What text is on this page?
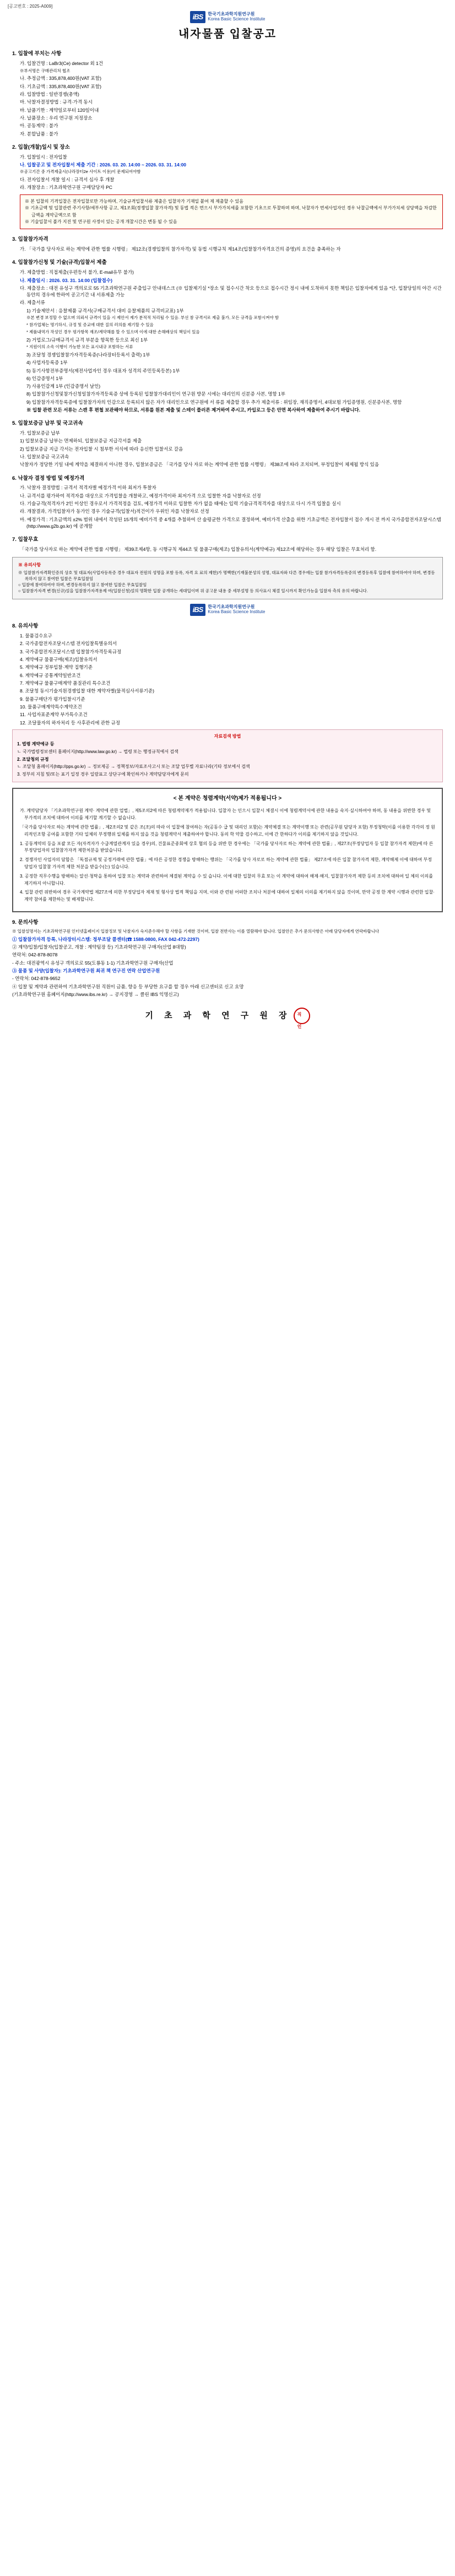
[공고번호 : 2025-A009]
iBS	한국기초과학지원연구원
Korea Basic Science Institute
내자물품 입찰공고
1. 입찰에 부치는 사항
가. 입찰건명 : LaBr3(Ce) detector 외 1건
※부서명은 구매관리처 협조
나. 추정금액 : 335,878,400원(VAT 포함)
다. 기초금액 : 335,878,400원(VAT 포함)
라. 입찰방법 : 일반경쟁(총액)
마. 낙찰자결정방법 : 규격·가격 동시
바. 납품기한 : 계약일로부터 120일이내
사. 납품장소 : 우리 연구원 지정장소
아. 공동계약 : 불가
자. 분할납품 : 불가
2. 입찰(개찰)일시 및 장소
가. 입찰일시 : 전자입찰
나. 입찰공고 및 전자입찰서 제출 기간 : 2026. 03. 20. 14:00 ~ 2026. 03. 31. 14:00
※공고기간 중 가격제출시(나라장터2e 사이트 이용)이 문제되어야함
다. 전자입찰서 개찰 일시 : 규격서 심사 후 개찰
라. 개찰장소 : 기초과학연구원 구매담당자 PC
※ 본 입찰의 기격입찰은 전자입찰로만 가능하며, 기술규격입찰서류 제출은 입찰자가 기재일 붙여 제 제출할 수 있음
※ 기초금액 및 입찰관련 주기사항/세부사항 공고, 제1조회(경쟁입찰 참가자격) 및 동법 적은 면으시 부가가치세를 포함한 기초으로 투찰하며 하며, 낙찰자가 면세사업자인 경우 낙찰금액에서 부가가치세 상당액을 차감한 금액을 계약금액으로 함
※ 기술입찰서 불가 지진 및 연구원 사정이 있는 공개 개찰시간은 변동 될 수 있음
3. 입찰참가자격
가. 「국가를 당사자로 하는 계약에 관한 법률 시행령」 제12조(경쟁입찰의 참가자격) 및 동법 시행규칙 제14조(입찰참가자격요건의 증명)의 요건을 충족하는 자
4. 입찰참가신청 및 기술(규격)입찰서 제출
가. 제출방법 : 직접제출(우편등서 불가, E-mail유무 불가)
나. 제출일시 : 2026. 03. 31. 14:00 (입찰접수)
다. 제출장소 : 대전 유성구 객의로로 55 기초과학연구원 주출입구 안내데스크 (※ 입찰제기실 *장소 및 접수시간 착오 등으로 접수시간 정시 내에 도착하지 못한 책임은 입찰자에게 있음 *단, 입찰당일의 야간 시간 동안의 경우에 한하여 공고기간 내 서류제출 가능
라. 제출서류
1) 기술제안서 : 응찰제품 규격서(구매규격서 대비 응찰제품의 규격비교표) 1부
※본 변경 보정할 수 없으며 의뢰서 규격이 있을 시 제안서 제가 분적적 처리될 수 있음. 부선 참 규격서로 제출 불가, 모든 규격을 포함시켜야 함
* 참가업체는 명기하시, 규정 및 증교에 대한 질의 러의를 제기할 수 있음
* 제품내역가 작성인 경우 평가항목 재조/계약해를 할 수 있으며 이에 대한 손해배상의 책임이 있음
2) 거업로그/규매규격서 규격 부분을 항목한 등으로 최신 1부
* 지원이의 소속 이행이 가능한 모든 표시내규 포함하는 서류
3) 조달청 경쟁입찰참가자격등록증(나라장터등록서 출력) 1부
4) 사업자등록증 1부
5) 동기사항전부증명서(제전사업자인 경우 대표자 성격의 주민등록등본) 1부
6) 인감증명서 1부
7) 사용인감계 1부 (인감증명서 날인)
8) 입찰참가신청및참가신청일참가자격등록증 상에 등록된 입찰참가대리인이 연구원 방문 시에는 대리인의 신분증 사본, 명함 1부
9) 입찰참가자격등록증에 입찰참가자의 인감으로 등록되지 않은 자가 대리인으로 연구원에 서 류를 제출할 경우 추가 제출서류 : 위임장, 재직증명서, 4대보험 가입증명원, 신분증사본, 명함
※ 입찰 관련 모든 서류는 스캔 후 편철 보관해야 하므로, 서류를 원본 제출 및 스테이 플러른 제거하여 주시고, 카입로그 등은 안면 복사하여 제출하여 주시기 바랍니다.
5. 입찰보증금 납부 및 국고귀속
가. 입찰보증금 납부
1) 입찰보증금 납부는 면제하되, 입찰보증금 지급각서를 제출
2) 입찰보증금 지급 각서는 전자입찰 시 첨부한 서식에 따라 응신한 입찰서로 갈음
나. 입찰보증금 국고귀속
낙찰자가 정당한 기일 내에 계약을 체결하지 아니한 경우, 입찰보증금은 「국가를 당사 자로 하는 계약에 관한 법률 시행령」 제38조에 따라 조치되며, 부정입찰이 체제될 방식 있음
6. 낙찰자 결정 방법 및 예정가격
가. 낙찰자 결정방법 : 규격서 적격자별 예정가격 이하 최저가 투찰자
나. 규격서를 평가하여 적격자를 대상으로 가격입찰을 개찰하고, 예정가격이하 최저가격 으로 입찰한 자를 낙찰자로 선정
다. 기술규격(적격자가 2인 이상인 경우로서 가격적정을 검토, 예정가격 이하로 입찰한 자가 없을 때에는 입력 기술규격적격자를 대상으로 다시 가격 입찰을 실시
라. 개찰결과, 가격입찰자가 동가인 경우 기술규격(입찰서)적건이가 우위인 자를 낙찰자로 선정
마. 예정가격 : 기초금액의 ±2% 범위 내에서 작성된 15개의 예비가격 중 4개를 추첨하여 산 술평균한 가격으로 결정하며, 예비가격 산출을 위한 기초금액은 전자입찰서 접수 개시 전 까지 국가종합전자조달시스템(http://www.g2b.go.kr) 에 공개함
7. 입찰무효
「국가를 당사자로 하는 계약에 관한 법률 시행령」 제39조제4항, 동 시행규칙 제44조 및 물품구매(제조) 입찰유의서(계약예규) 제12조에 해당하는 경우 해당 입찰은 무효처리 함.
※ 유의사항
※ 입찰참가자격확인증의 상호 및 대표자(사업자등록증 경우 대표자 전원의 성명을 포함 등록, 자격 요 료의 제한)가 명백한(기재불분성의 성명, 대표자와 다른 경우에는 입찰 참가자격등록증의 변경등록후 입찰에 참여하여야 하며, 변경등록하지 않고 참여한 입찰은 무효입찰임
○ 입찰에 참여하여야 하며, 변경등록하지 않고 참여한 입찰은 무효입찰임
○ 입찰참가자격 변경(신규)설을 입찰참가자격용제 여(입찰신청)설의 명확한 입찰 공개하는 세대입이며 위 공고문 내용 중 세부설명 등 의사표시 체결 일시까지 확인가능을 입찰자 측의 유의 바랍니다.
iBS	한국기초과학지원연구원
Korea Basic Science Institute
8. 유의사항
1. 물품검수요구
2. 국가종합전자조달시스템 전자입찰특별유의서
3. 국가종합전자조달시스템 입찰참가자격등록규정
4. 계약예규 물품구매(제조)입찰유의서
5. 계약예규 정부입찰·계약 집행기준
6. 계약예규 공통계약일반조건
7. 계약예규 물품구매계약 품질관리 특수조건
8. 조달청 동시기술지원경쟁입찰 대한 계약자별(물적심사서류기준)
9. 물품구매단가 평가입찰시기준
10. 물품구매계약특수계약조건
11. 사업자표준계약 부가특수조건
12. 조달물자의 하자처리 등 사후관리에 관한 규정
자료검색 방법
1. 법령 계약예규 등
ㄴ 국가법령정보센터 홈페이지(http://www.law.go.kr) → 법령 또는 행정규칙에서 검색
2. 조달청의 규정
ㄴ 조달청 홈페이지(http://pps.go.kr) → 정보제공 → 정책정보/자료조사고시 또는 조달 업무별 자료나라(기타 정보에서 검색
3. 정부의 지침 및/또는 표기 일정 경우 일람표고 상단구에 확인하거나 계약담당자에게 문의
< 본 계약은 청렴계약(서약)제가 적용됩니다 >

가. 계약담당자 「기초과학연구원 계약· 계약에 관한 업법」, 제5조의2에 따른 청렴계약제가 적용됩니다. 입찰자 는 인으시 입찰시 체결시 이에 청렴계약서에 관한 내용을 숙지·실시하여야 하며, 동 내용을 위반한 경우 및 부가적의 조치에 대하여 이의를 제기할 계기할 수 없습니다.

「국가를 당사자로 하는 계약에 관한 법률」, 제2조의2 및 같은 조(조)의 따라 이 입찰에 참여하는 자(공동수 급 및 대리인 포함)는 계약체결 또는 계약이행 또는 관련(공무원 담당자 포함) 부정청탁(이를 이용한 각각의 정 원리적인조항 공여를 포함한 기타 일체의 부정행위 일체를 하지 않을 것을 청렴계약서 제출하여야 합니다. 동의 학 약물 검수하고, 이에 간 한하다가 이의를 제기하지 않을 것입니다.

1. 공동계약의 등을 포괄 모든 자(자격자가 수급계열관계자 있을 경우)의, 건물표준종회에 상호 협의 등을 위반 한 경우에는 「국가를 당사자로 하는 계약에 관한 법률」, 제27조(부정당업자 등 입찰 참가자격 제한)에 따 른 부정당업자의 입찰참가자격 제한처분을 받았습니다.

2. 경쟁자인 사업자의 담합은 「독점규제 및 공정거래에 관한 법률」에 따른 공정한 경쟁을 방해하는 행위는 「국가를 당사 자로로 하는 계약에 관한 법률」 제27조에 따른 입찰 참가자격 제한, 계약해제 이에 대하여 부정당업자 입찰참 가자격 제한 처분을 받을수(는) 있습니다.

3. 공정한 직무수행을 방해하는 알선·청탁을 통하여 입찰 또는 계약과 관련하여 체결된 계약을 수 있 습니다. 이에 대한 입찰의 무효 또는 이 계약에 대하여 해제·해지, 입찰참가자격 제한 등의 조치에 대하여 일 체의 이의를 제기하지 아니합니다.

4. 입찰 관련 위반하여 경우 국가계약법 제27조에 의한 부정당업자 제재 및 형사상 법적 책임을 지며, 이와 관 련된 어떠한 조치나 처분에 대하여 일체의 이의를 제기하지 않을 것이며, 만약 공정 한 계약 시행과 관련한 입찰·계약 참여를 제한하는 및 배제합니다.

9. 문의사항
※ 입찰설명서는 기초과학연구원 인터넷홈페이지 입찰정보 및 낙찰자가 숙지준수해야 할 사항을 기재한 것이며, 입찰 전반사는 이를 열람해야 합니다. 입찰안은 추가 문의사항은 아래 담당자에게 연락바랍니다
① 입찰참가자격 등록, 나라장터시스템: 정부조달 콜센터(☎ 1588-0800, FAX 042-472-2297)
② 계약/입찰/입찰자(입찰공고, 개찰 : 계약팀장 등) 기초과학연구원 구매자(산업 8대항)
연락처: 042-878-8078
- 주소: 대전광역시 유성구 객의로로 55(도룡동 1-1) 기초과학연구원 구매자(산업
③ 물품 및 사양(입찰자): 기초과학연구원 최귀 책 연구진 연락 산업연구원
- 연락처: 042-878-9652
④ 입찰 및 계약과 관련하여 기초과학연구원 직원이 금품, 향응 등 부당한 요구를 할 경우 아래 신고센터로 신고 요망
(기초과학연구원 홈페이지(http://www.ibs.re.kr) → 공지경영 → 클린 IBS 익명신고)
기 초 과 학 연 구 원 장 직인
